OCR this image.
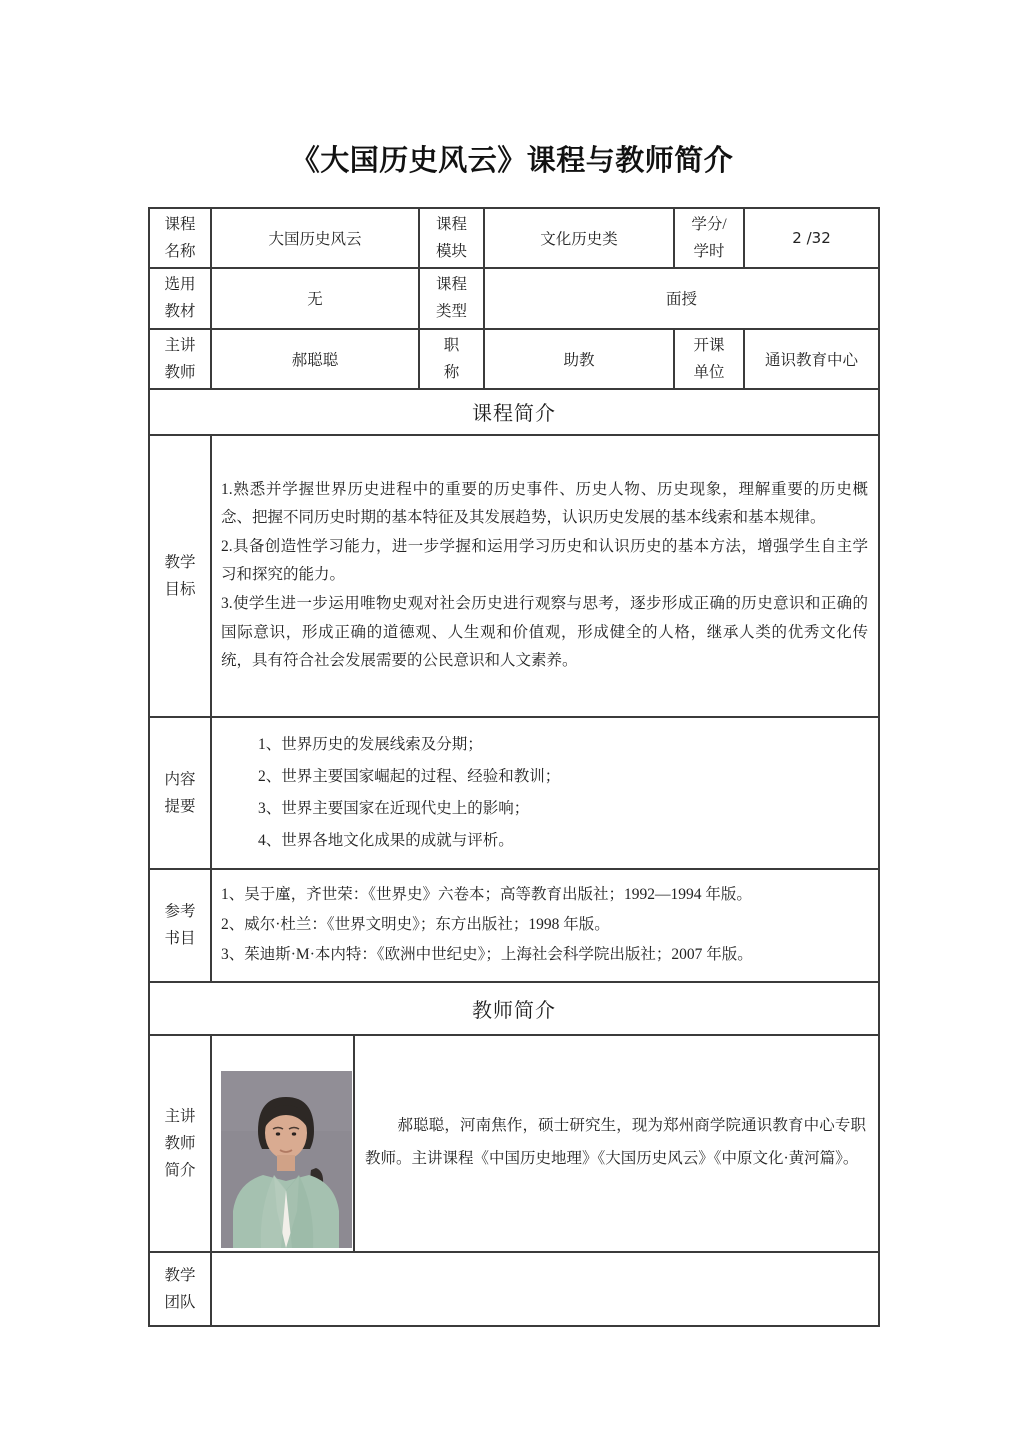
《大国历史风云》课程与教师简介
课程名称	大国历史风云		课程模块	文化历史类	学分/学时	2 /32

选用教材	无		课程类型	面授		

主讲教师	郝聪聪		职称	助教	开课单位	通识教育中心
课程简介						

教学目标	1.熟悉并学握世界历史进程中的重要的历史事件、历史人物、历史现象，理解重要的历史概念、把握不同历史时期的基本特征及其发展趋势，认识历史发展的基本线索和基本规律。

2.具备创造性学习能力，进一步学握和运用学习历史和认识历史的基本方法，增强学生自主学习和探究的能力。

3.使学生进一步运用唯物史观对社会历史进行观察与思考，逐步形成正确的历史意识和正确的国际意识，形成正确的道德观、人生观和价值观，形成健全的人格，继承人类的优秀文化传统，具有符合社会发展需要的公民意识和人文素养。					

内容提要	1、世界历史的发展线索及分期；

2、世界主要国家崛起的过程、经验和教训；

3、世界主要国家在近现代史上的影响；

4、世界各地文化成果的成就与评析。					

参考书目	1、吴于廑，齐世荣：《世界史》六卷本；高等教育出版社；1992—1994 年版。

2、威尔·杜兰：《世界文明史》；东方出版社；1998 年版。

3、茱迪斯·M·本内特：《欧洲中世纪史》；上海社会科学院出版社；2007 年版。					

教师简介						

主讲教师简介		郝聪聪，河南焦作，硕士研究生，现为郑州商学院通识教育中心专职教师。主讲课程《中国历史地理》《大国历史风云》《中原文化·黄河篇》。				

教学团队						
